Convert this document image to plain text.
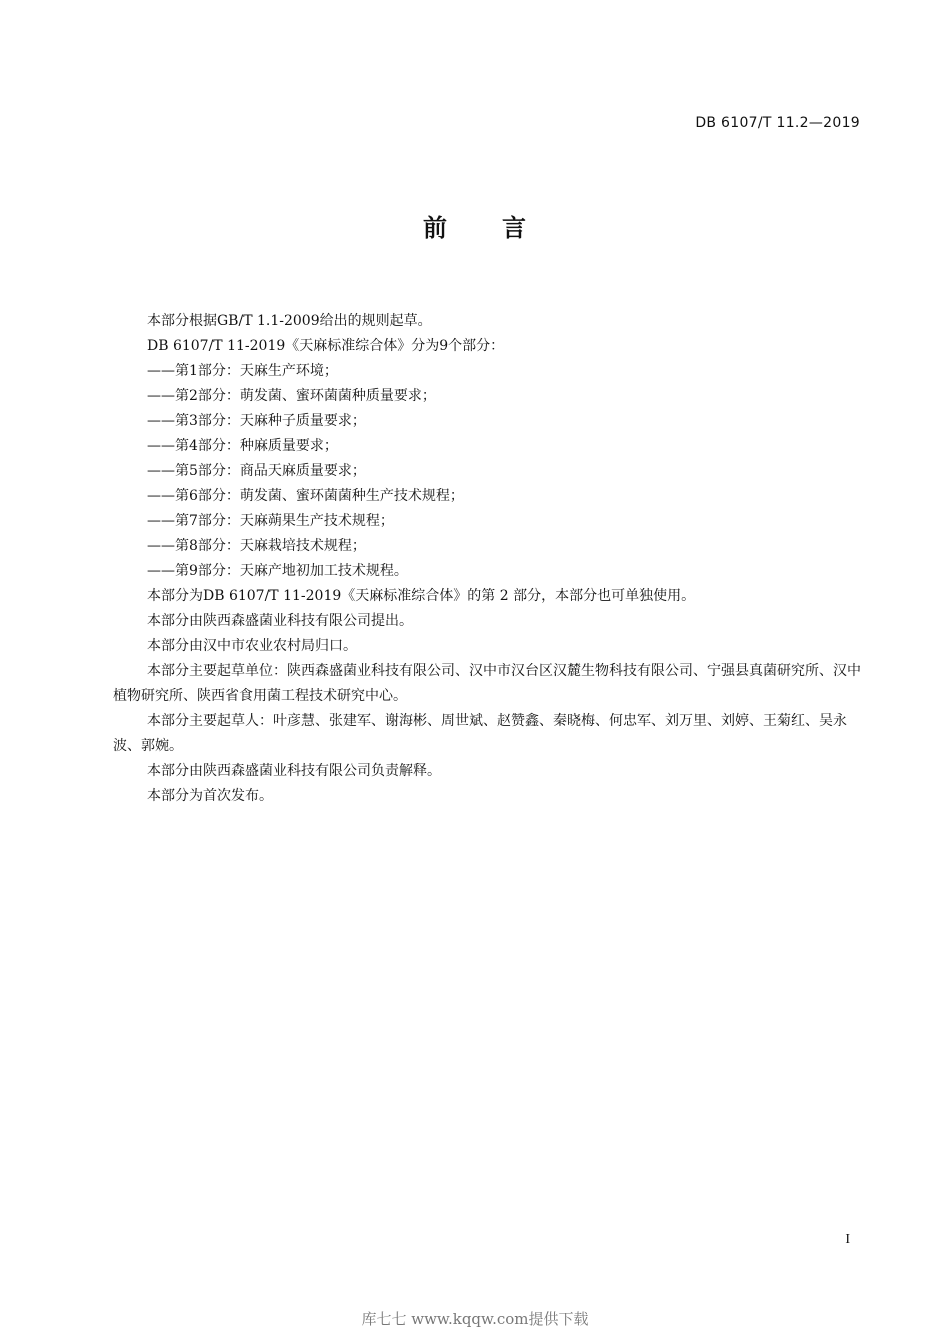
DB 6107/T 11.2—2019
前 言

本部分根据GB/T 1.1-2009给出的规则起草。

DB 6107/T 11-2019《天麻标准综合体》分为9个部分：

——第1部分：天麻生产环境；

——第2部分：萌发菌、蜜环菌菌种质量要求；

——第3部分：天麻种子质量要求；

——第4部分：种麻质量要求；

——第5部分：商品天麻质量要求；

——第6部分：萌发菌、蜜环菌菌种生产技术规程；

——第7部分：天麻蒴果生产技术规程；

——第8部分：天麻栽培技术规程；

——第9部分：天麻产地初加工技术规程。

本部分为DB 6107/T 11-2019《天麻标准综合体》的第 2 部分，本部分也可单独使用。

本部分由陕西森盛菌业科技有限公司提出。

本部分由汉中市农业农村局归口。

本部分主要起草单位：陕西森盛菌业科技有限公司、汉中市汉台区汉麓生物科技有限公司、宁强县真菌研究所、汉中植物研究所、陕西省食用菌工程技术研究中心。

本部分主要起草人：叶彦慧、张建军、谢海彬、周世斌、赵赞鑫、秦晓梅、何忠军、刘万里、刘婷、王菊红、吴永波、郭婉。

本部分由陕西森盛菌业科技有限公司负责解释。

本部分为首次发布。

I
库七七 www.kqqw.com提供下载
